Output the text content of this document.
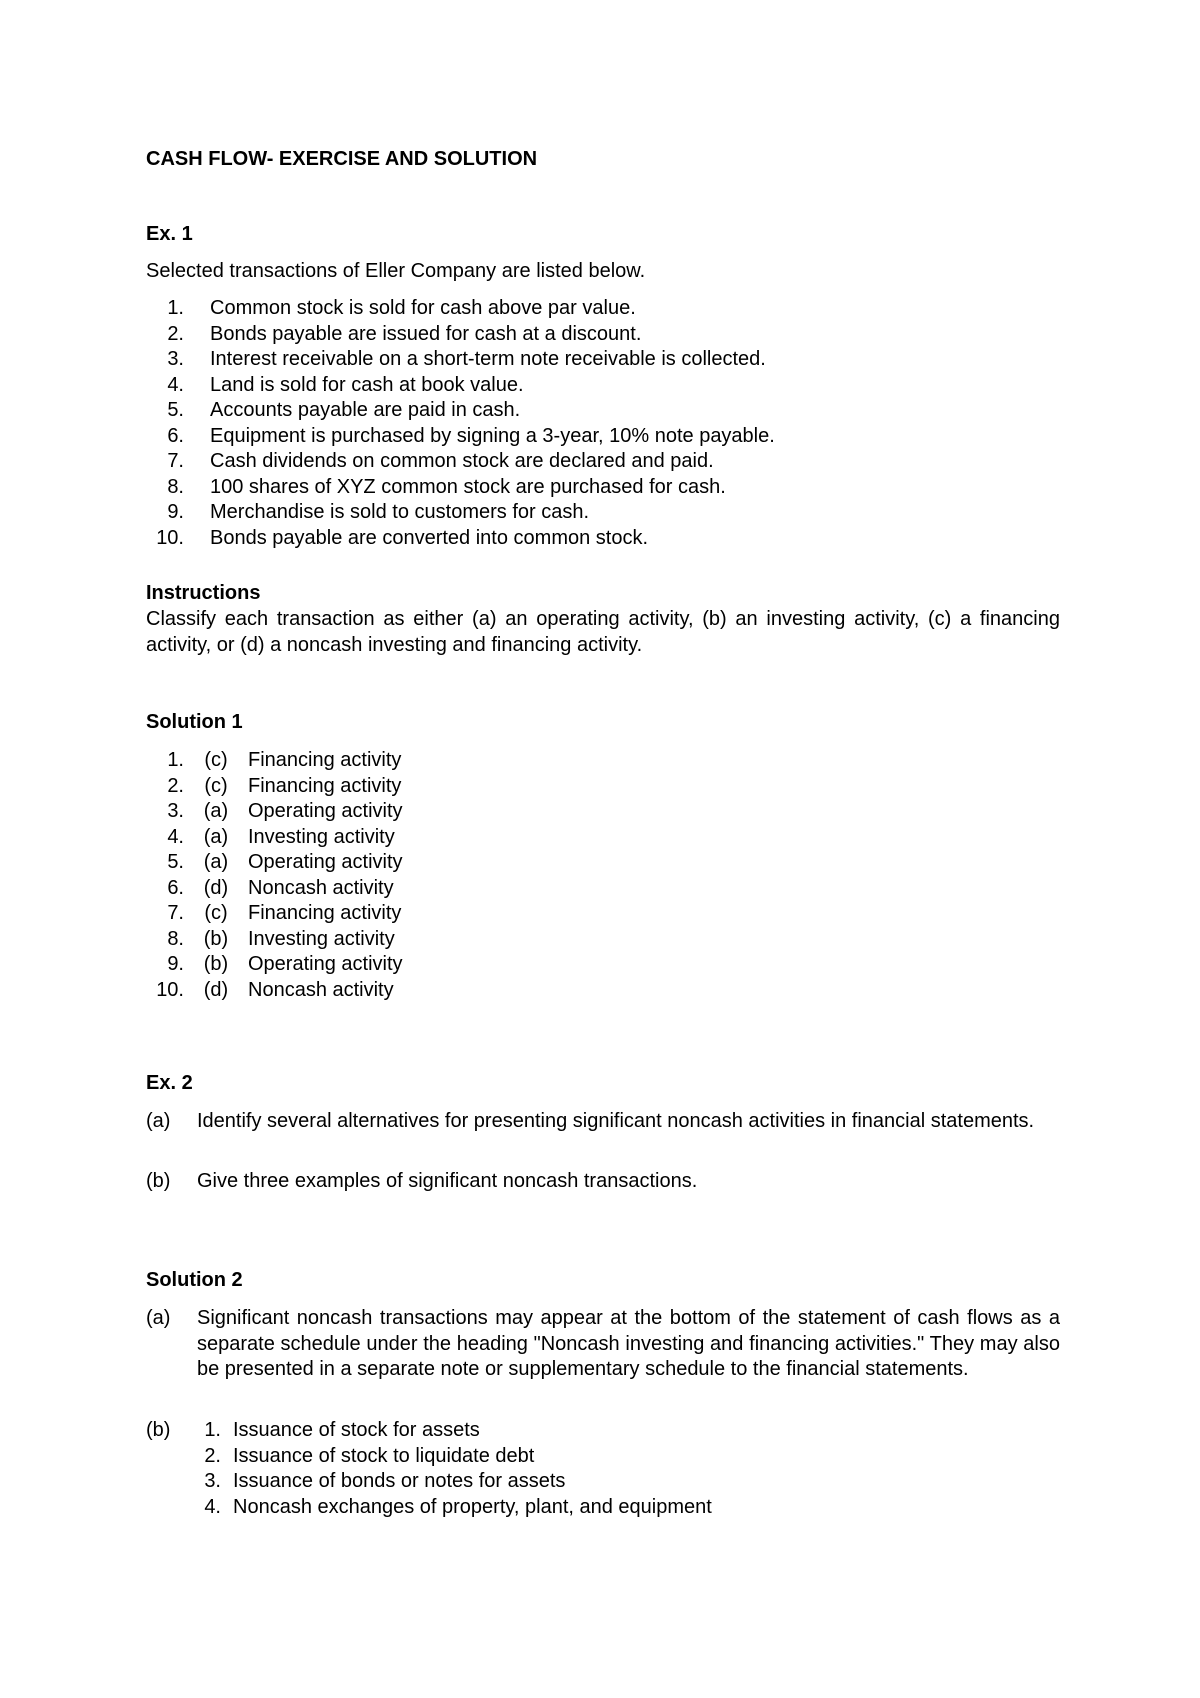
CASH FLOW- EXERCISE AND SOLUTION
Ex. 1
Selected transactions of Eller Company are listed below.
1. Common stock is sold for cash above par value.
2. Bonds payable are issued for cash at a discount.
3. Interest receivable on a short-term note receivable is collected.
4. Land is sold for cash at book value.
5. Accounts payable are paid in cash.
6. Equipment is purchased by signing a 3-year, 10% note payable.
7. Cash dividends on common stock are declared and paid.
8. 100 shares of XYZ common stock are purchased for cash.
9. Merchandise is sold to customers for cash.
10. Bonds payable are converted into common stock.
Instructions
Classify each transaction as either (a) an operating activity, (b) an investing activity, (c) a financing activity, or (d) a noncash investing and financing activity.
Solution 1
1. (c) Financing activity
2. (c) Financing activity
3. (a) Operating activity
4. (a) Investing activity
5. (a) Operating activity
6. (d) Noncash activity
7. (c) Financing activity
8. (b) Investing activity
9. (b) Operating activity
10. (d) Noncash activity
Ex. 2
(a)	Identify several alternatives for presenting significant noncash activities in financial statements.
(b)	Give three examples of significant noncash transactions.
Solution 2
(a)	Significant noncash transactions may appear at the bottom of the statement of cash flows as a separate schedule under the heading "Noncash investing and financing activities." They may also be presented in a separate note or supplementary schedule to the financial statements.
(b)	1. Issuance of stock for assets
2. Issuance of stock to liquidate debt
3. Issuance of bonds or notes for assets
4. Noncash exchanges of property, plant, and equipment
